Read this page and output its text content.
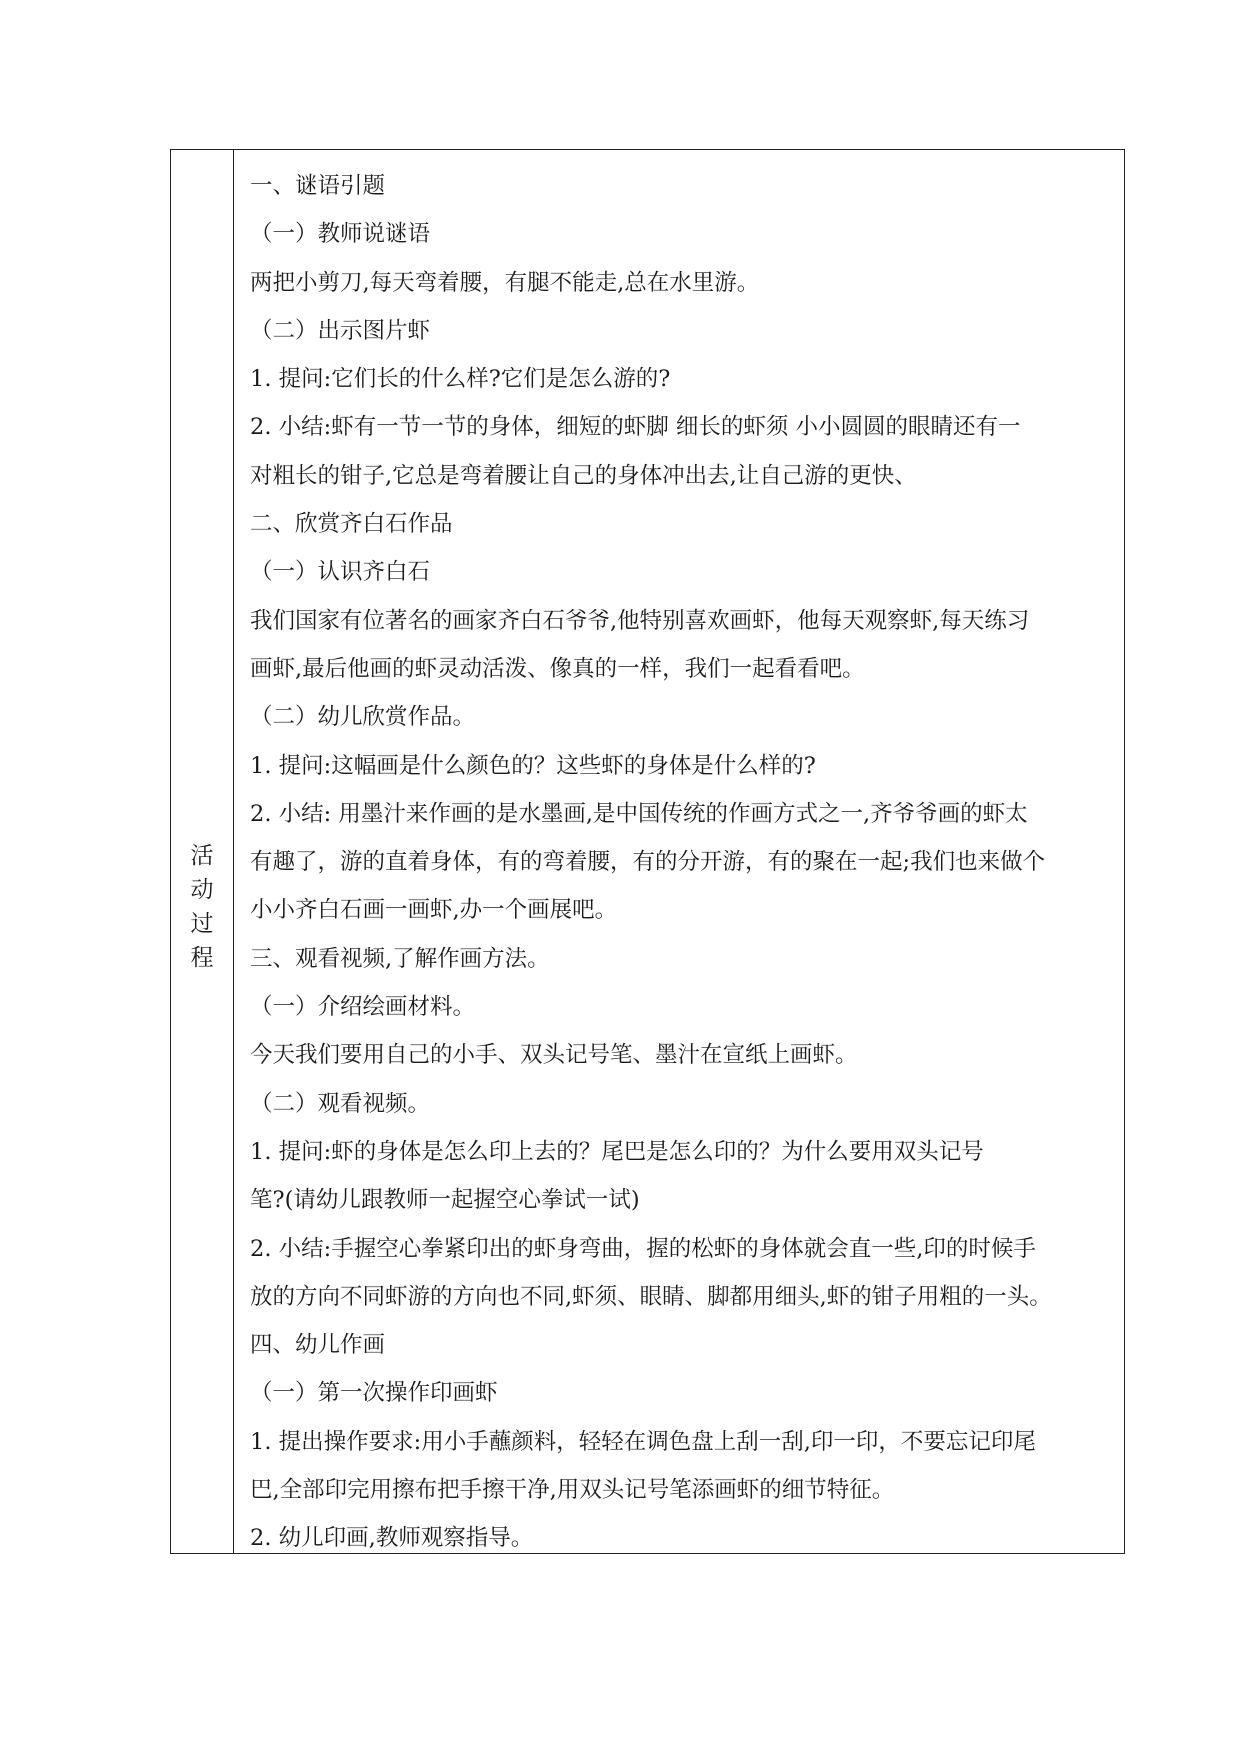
活
动
过
程
一、谜语引题
（一）教师说谜语
两把小剪刀,每天弯着腰，有腿不能走,总在水里游。
（二）出示图片虾
1. 提问:它们长的什么样?它们是怎么游的?
2. 小结:虾有一节一节的身体，细短的虾脚 细长的虾须 小小圆圆的眼睛还有一
对粗长的钳子,它总是弯着腰让自己的身体冲出去,让自己游的更快、
二、欣赏齐白石作品
（一）认识齐白石
我们国家有位著名的画家齐白石爷爷,他特别喜欢画虾，他每天观察虾,每天练习
画虾,最后他画的虾灵动活泼、像真的一样，我们一起看看吧。
（二）幼儿欣赏作品。
1. 提问:这幅画是什么颜色的？这些虾的身体是什么样的?
2. 小结: 用墨汁来作画的是水墨画,是中国传统的作画方式之一,齐爷爷画的虾太
有趣了，游的直着身体，有的弯着腰，有的分开游，有的聚在一起;我们也来做个
小小齐白石画一画虾,办一个画展吧。
三、观看视频,了解作画方法。
（一）介绍绘画材料。
今天我们要用自己的小手、双头记号笔、墨汁在宣纸上画虾。
（二）观看视频。
1. 提问:虾的身体是怎么印上去的？尾巴是怎么印的？为什么要用双头记号
笔?(请幼儿跟教师一起握空心拳试一试)
2. 小结:手握空心拳紧印出的虾身弯曲，握的松虾的身体就会直一些,印的时候手
放的方向不同虾游的方向也不同,虾须、眼睛、脚都用细头,虾的钳子用粗的一头。
四、幼儿作画
（一）第一次操作印画虾
1. 提出操作要求:用小手蘸颜料，轻轻在调色盘上刮一刮,印一印，不要忘记印尾
巴,全部印完用擦布把手擦干净,用双头记号笔添画虾的细节特征。
2. 幼儿印画,教师观察指导。
